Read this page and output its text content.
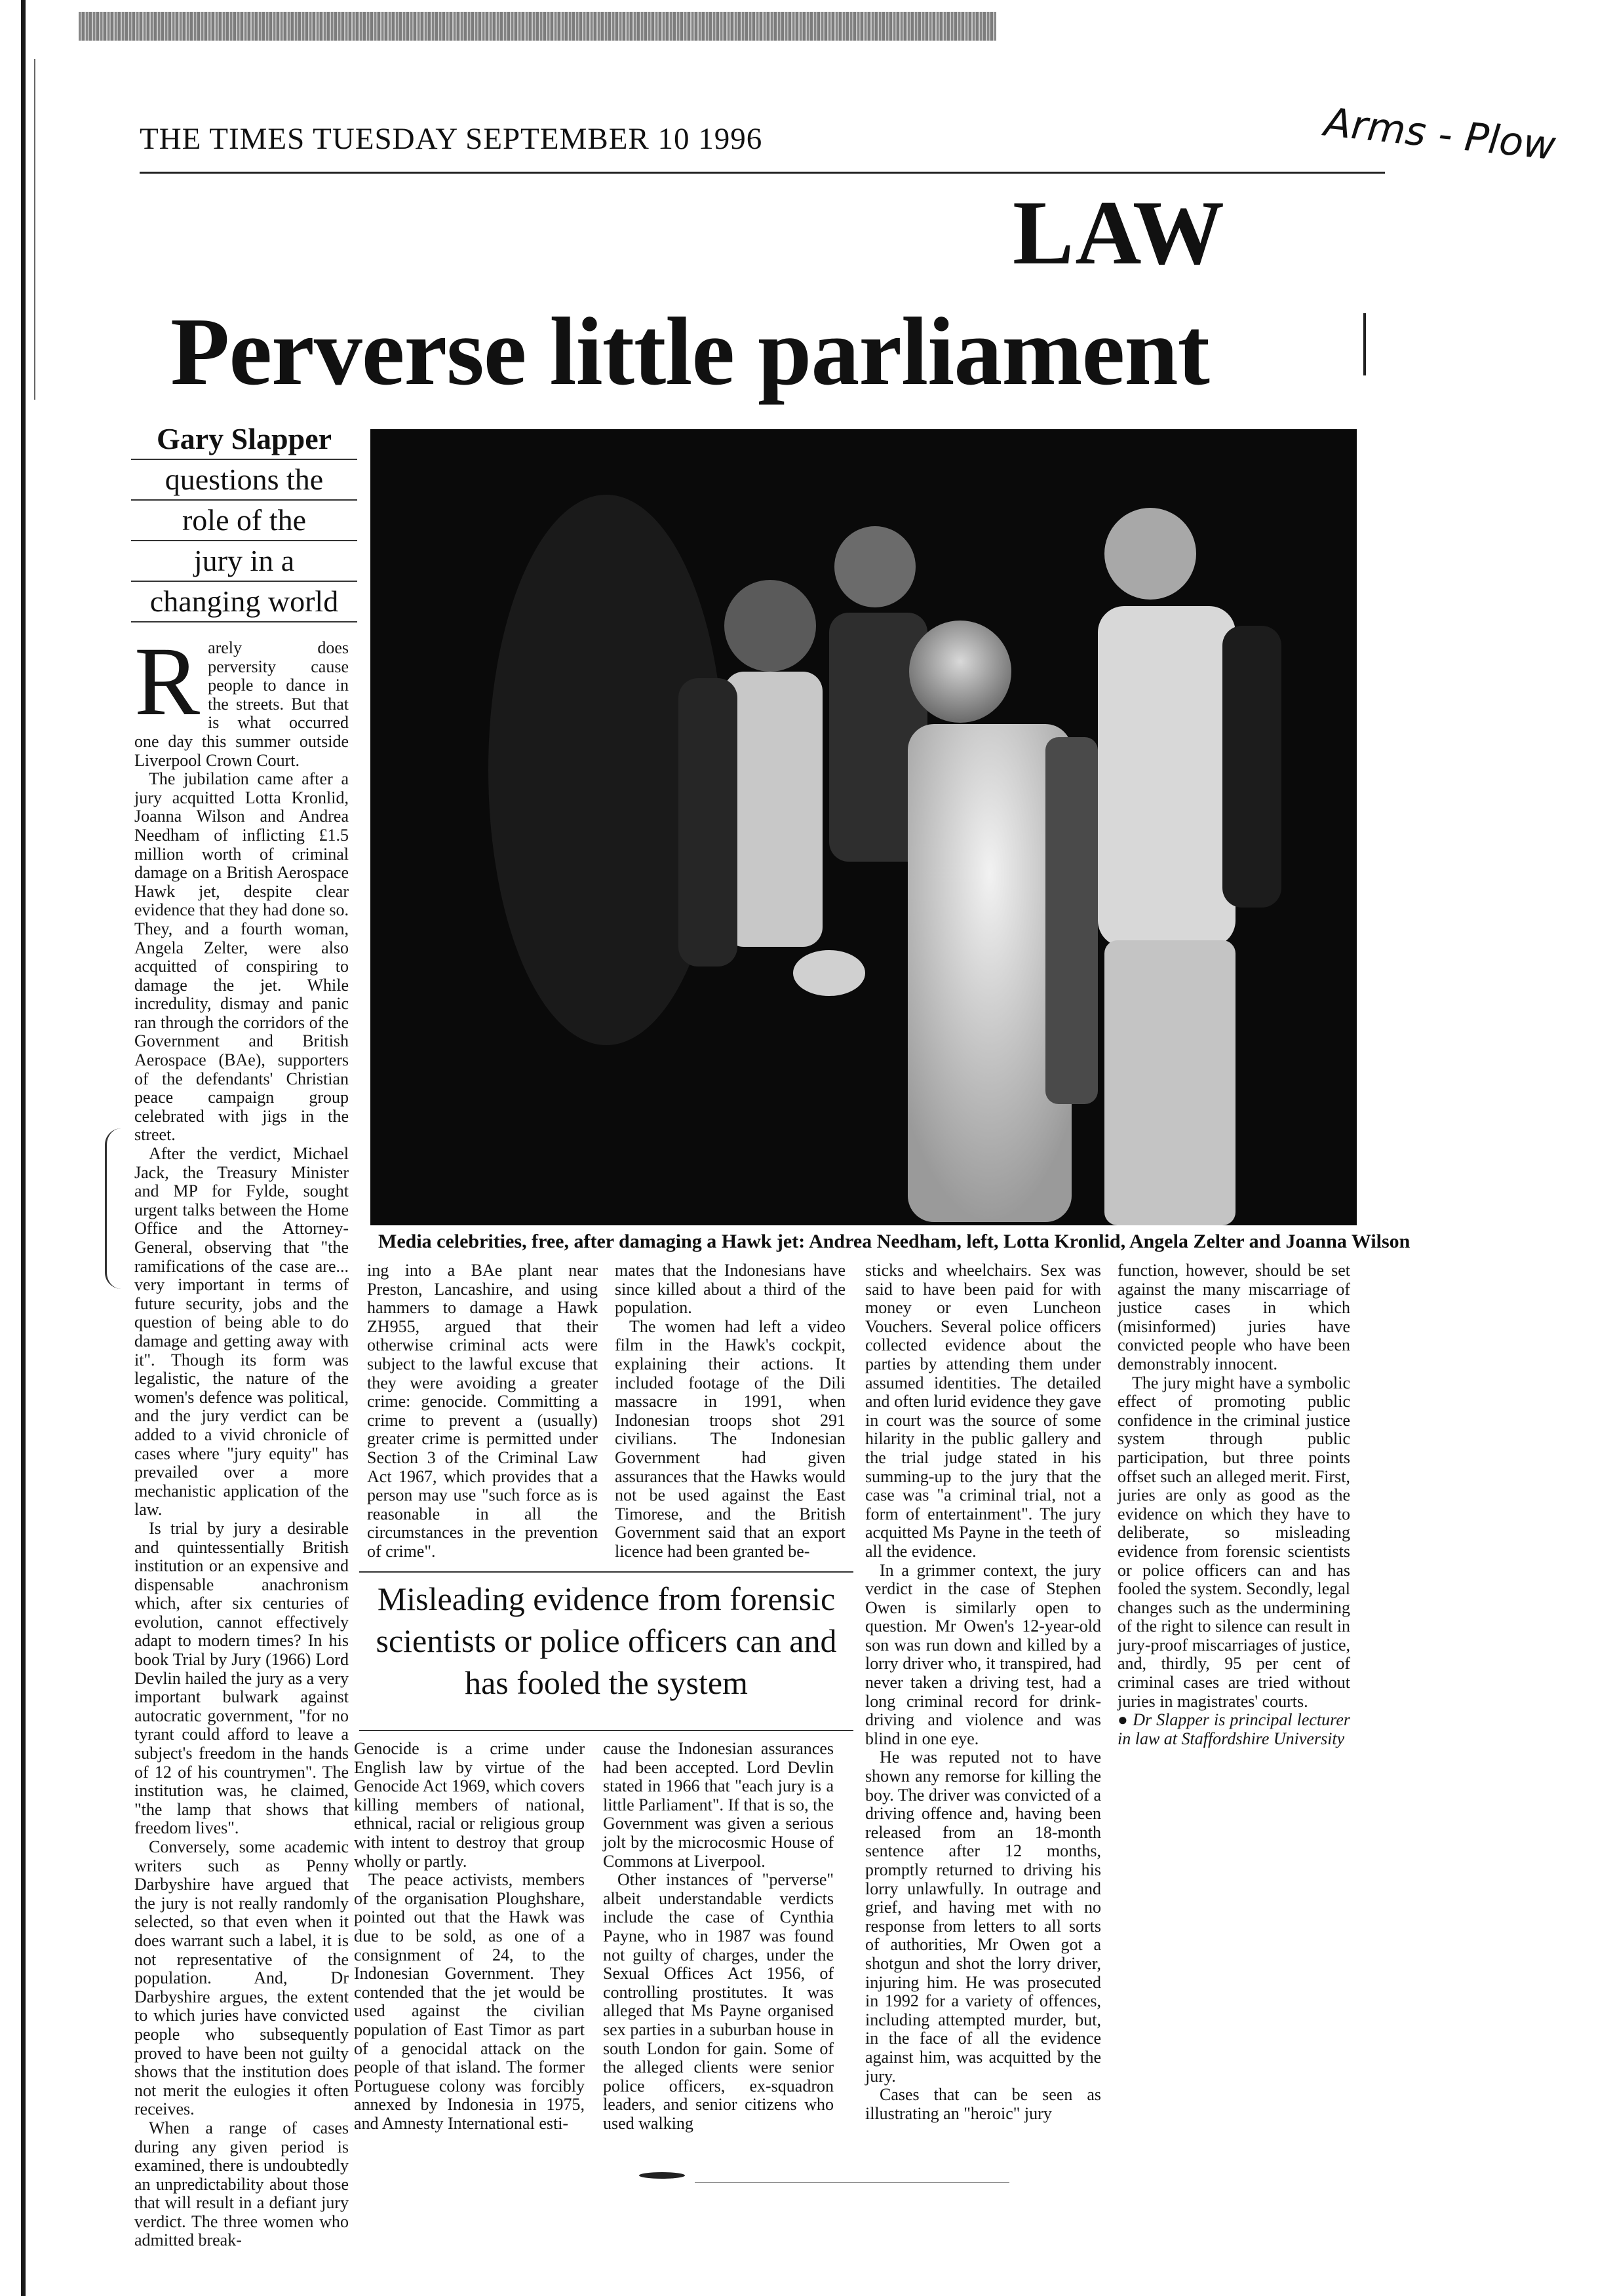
THE TIMES TUESDAY SEPTEMBER 10 1996	Arms - Plow
LAW
Perverse little parliament
Gary Slapper
questions the
role of the
jury in a
changing world
Media celebrities, free, after damaging a Hawk jet: Andrea Needham, left, Lotta Kronlid, Angela Zelter and Joanna Wilson

Rarely does perversity cause people to dance in the streets. But that is what occurred one day this summer outside Liverpool Crown Court.

The jubilation came after a jury acquitted Lotta Kronlid, Joanna Wilson and Andrea Needham of inflicting £1.5 million worth of criminal damage on a British Aerospace Hawk jet, despite clear evidence that they had done so. They, and a fourth woman, Angela Zelter, were also acquitted of conspiring to damage the jet. While incredulity, dismay and panic ran through the corridors of the Government and British Aerospace (BAe), supporters of the defendants' Christian peace campaign group celebrated with jigs in the street.

After the verdict, Michael Jack, the Treasury Minister and MP for Fylde, sought urgent talks between the Home Office and the Attorney-General, observing that "the ramifications of the case are... very important in terms of future security, jobs and the question of being able to do damage and getting away with it". Though its form was legalistic, the nature of the women's defence was political, and the jury verdict can be added to a vivid chronicle of cases where "jury equity" has prevailed over a more mechanistic application of the law.

Is trial by jury a desirable and quintessentially British institution or an expensive and dispensable anachronism which, after six centuries of evolution, cannot effectively adapt to modern times? In his book Trial by Jury (1966) Lord Devlin hailed the jury as a very important bulwark against autocratic government, "for no tyrant could afford to leave a subject's freedom in the hands of 12 of his countrymen". The institution was, he claimed, "the lamp that shows that freedom lives".

Conversely, some academic writers such as Penny Darbyshire have argued that the jury is not really randomly selected, so that even when it does warrant such a label, it is not representative of the population. And, Dr Darbyshire argues, the extent to which juries have convicted people who subsequently proved to have been not guilty shows that the institution does not merit the eulogies it often receives.

When a range of cases during any given period is examined, there is undoubtedly an unpredictability about those that will result in a defiant jury verdict. The three women who admitted break-

ing into a BAe plant near Preston, Lancashire, and using hammers to damage a Hawk ZH955, argued that their otherwise criminal acts were subject to the lawful excuse that they were avoiding a greater crime: genocide. Committing a crime to prevent a (usually) greater crime is permitted under Section 3 of the Criminal Law Act 1967, which provides that a person may use "such force as is reasonable in all the circumstances in the prevention of crime".

mates that the Indonesians have since killed about a third of the population.

The women had left a video film in the Hawk's cockpit, explaining their actions. It included footage of the Dili massacre in 1991, when Indonesian troops shot 291 civilians. The Indonesian Government had given assurances that the Hawks would not be used against the East Timorese, and the British Government said that an export licence had been granted be-

Misleading evidence from forensic scientists or police officers can and has fooled the system

Genocide is a crime under English law by virtue of the Genocide Act 1969, which covers killing members of national, ethnical, racial or religious group with intent to destroy that group wholly or partly.

The peace activists, members of the organisation Ploughshare, pointed out that the Hawk was due to be sold, as one of a consignment of 24, to the Indonesian Government. They contended that the jet would be used against the civilian population of East Timor as part of a genocidal attack on the people of that island. The former Portuguese colony was forcibly annexed by Indonesia in 1975, and Amnesty International esti-

cause the Indonesian assurances had been accepted. Lord Devlin stated in 1966 that "each jury is a little Parliament". If that is so, the Government was given a serious jolt by the microcosmic House of Commons at Liverpool.

Other instances of "perverse" albeit understandable verdicts include the case of Cynthia Payne, who in 1987 was found not guilty of charges, under the Sexual Offices Act 1956, of controlling prostitutes. It was alleged that Ms Payne organised sex parties in a suburban house in south London for gain. Some of the alleged clients were senior police officers, ex-squadron leaders, and senior citizens who used walking

sticks and wheelchairs. Sex was said to have been paid for with money or even Luncheon Vouchers. Several police officers collected evidence about the parties by attending them under assumed identities. The detailed and often lurid evidence they gave in court was the source of some hilarity in the public gallery and the trial judge stated in his summing-up to the jury that the case was "a criminal trial, not a form of entertainment". The jury acquitted Ms Payne in the teeth of all the evidence.

In a grimmer context, the jury verdict in the case of Stephen Owen is similarly open to question. Mr Owen's 12-year-old son was run down and killed by a lorry driver who, it transpired, had never taken a driving test, had a long criminal record for drink-driving and violence and was blind in one eye.

He was reputed not to have shown any remorse for killing the boy. The driver was convicted of a driving offence and, having been released from an 18-month sentence after 12 months, promptly returned to driving his lorry unlawfully. In outrage and grief, and having met with no response from letters to all sorts of authorities, Mr Owen got a shotgun and shot the lorry driver, injuring him. He was prosecuted in 1992 for a variety of offences, including attempted murder, but, in the face of all the evidence against him, was acquitted by the jury.

Cases that can be seen as illustrating an "heroic" jury

function, however, should be set against the many miscarriage of justice cases in which (misinformed) juries have convicted people who have been demonstrably innocent.

The jury might have a symbolic effect of promoting public confidence in the criminal justice system through public participation, but three points offset such an alleged merit. First, juries are only as good as the evidence on which they have to deliberate, so misleading evidence from forensic scientists or police officers can and has fooled the system. Secondly, legal changes such as the undermining of the right to silence can result in jury-proof miscarriages of justice, and, thirdly, 95 per cent of criminal cases are tried without juries in magistrates' courts.

● Dr Slapper is principal lecturer in law at Staffordshire University
